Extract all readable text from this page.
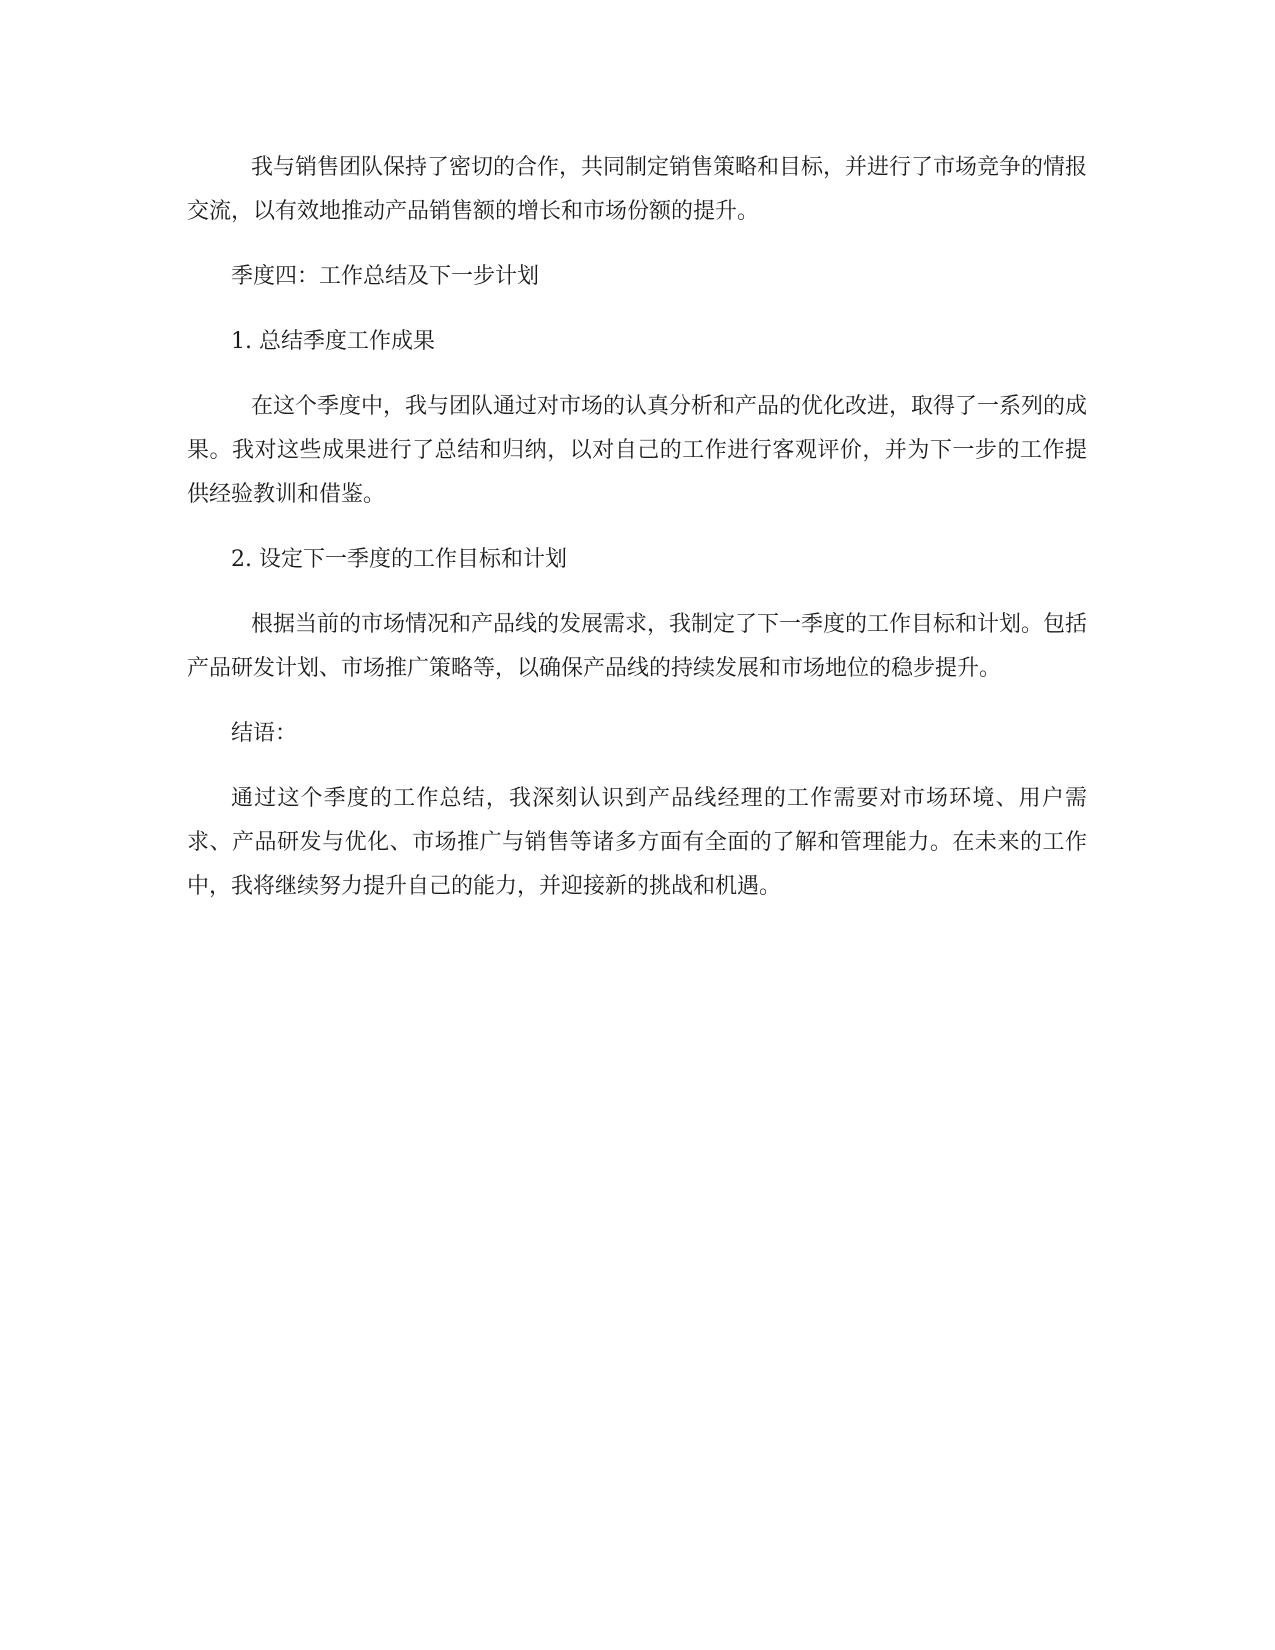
我与销售团队保持了密切的合作，共同制定销售策略和目标，并进行了市场竞争的情报交流，以有效地推动产品销售额的增长和市场份额的提升。

季度四：工作总结及下一步计划

1. 总结季度工作成果

在这个季度中，我与团队通过对市场的认真分析和产品的优化改进，取得了一系列的成果。我对这些成果进行了总结和归纳，以对自己的工作进行客观评价，并为下一步的工作提供经验教训和借鉴。

2. 设定下一季度的工作目标和计划

根据当前的市场情况和产品线的发展需求，我制定了下一季度的工作目标和计划。包括产品研发计划、市场推广策略等，以确保产品线的持续发展和市场地位的稳步提升。

结语：

通过这个季度的工作总结，我深刻认识到产品线经理的工作需要对市场环境、用户需求、产品研发与优化、市场推广与销售等诸多方面有全面的了解和管理能力。在未来的工作中，我将继续努力提升自己的能力，并迎接新的挑战和机遇。
